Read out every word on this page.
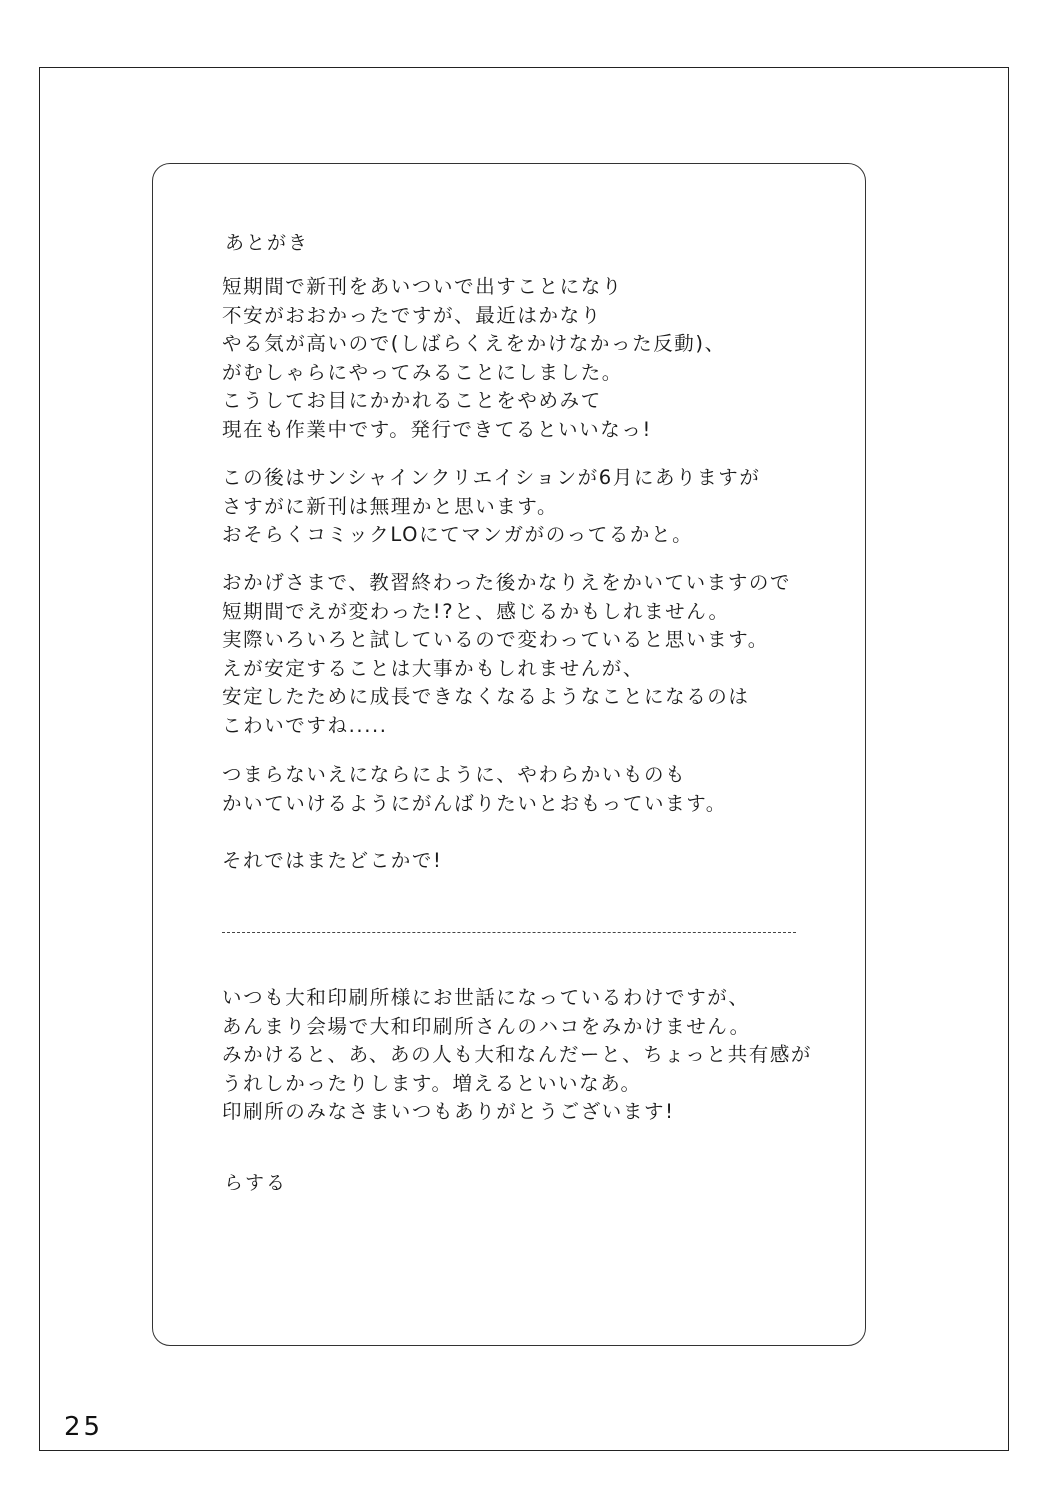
あとがき
短期間で新刊をあいついで出すことになり
不安がおおかったですが、最近はかなり
やる気が高いので(しばらくえをかけなかった反動)、
がむしゃらにやってみることにしました。
こうしてお目にかかれることをやめみて
現在も作業中です。発行できてるといいなっ!
この後はサンシャインクリエイションが6月にありますが
さすがに新刊は無理かと思います。
おそらくコミックLOにてマンガがのってるかと。
おかげさまで、教習終わった後かなりえをかいていますので
短期間でえが変わった!?と、感じるかもしれません。
実際いろいろと試しているので変わっていると思います。
えが安定することは大事かもしれませんが、
安定したために成長できなくなるようなことになるのは
こわいですね.....
つまらないえにならにように、やわらかいものも
かいていけるようにがんばりたいとおもっています。
それではまたどこかで!
いつも大和印刷所様にお世話になっているわけですが、
あんまり会場で大和印刷所さんのハコをみかけません。
みかけると、あ、あの人も大和なんだーと、ちょっと共有感が
うれしかったりします。増えるといいなあ。
印刷所のみなさまいつもありがとうございます!
らする
25
